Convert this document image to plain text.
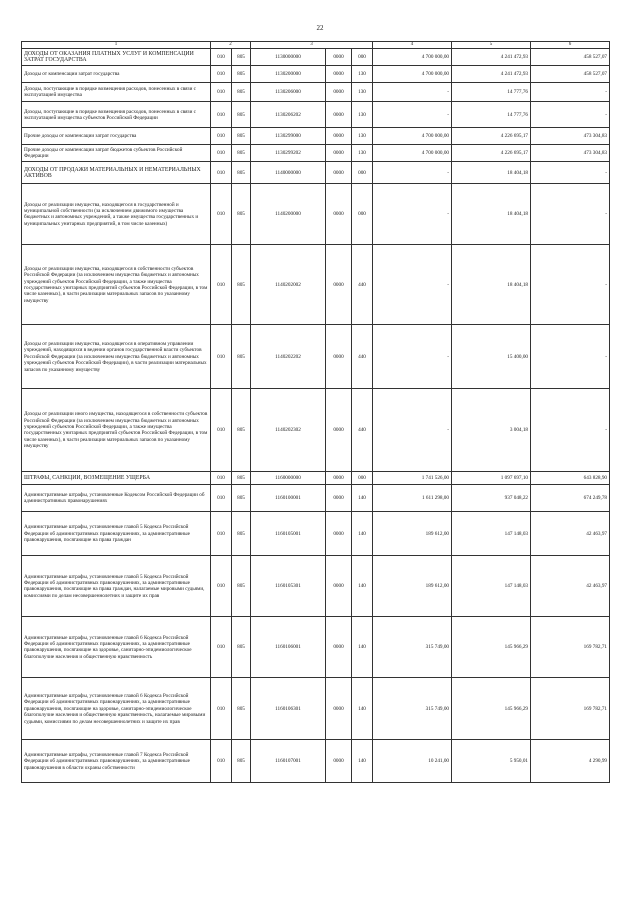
22
1	2		3			4	5	6
ДОХОДЫ ОТ ОКАЗАНИЯ ПЛАТНЫХ УСЛУГ И КОМПЕНСАЦИИ ЗАТРАТ ГОСУДАРСТВА	010	805	1130000000	0000	000	4 700 000,00	4 241 472,93	458 527,07
Доходы от компенсации затрат государства	010	805	1130200000	0000	130	4 700 000,00	4 241 472,93	458 527,07
Доходы, поступающие в порядке возмещения расходов, понесенных в связи с эксплуатацией имущества	010	805	1130206000	0000	130	-	14 777,76	-
Доходы, поступающие в порядке возмещения расходов, понесенных в связи с эксплуатацией имущества субъектов Российской Федерации	010	805	1130206202	0000	130	-	14 777,76	-
Прочие доходы от компенсации затрат государства	010	805	1130299000	0000	130	4 700 000,00	4 226 695,17	473 304,83
Прочие доходы от компенсации затрат бюджетов субъектов Российской Федерации	010	805	1130299202	0000	130	4 700 000,00	4 226 695,17	473 304,83
ДОХОДЫ ОТ ПРОДАЖИ МАТЕРИАЛЬНЫХ И НЕМАТЕРИАЛЬНЫХ АКТИВОВ	010	805	1140000000	0000	000	-	18 404,18	-
Доходы от реализации имущества, находящегося в государственной и муниципальной собственности (за исключением движимого имущества бюджетных и автономных учреждений, а также имущества государственных и муниципальных унитарных предприятий, в том числе казенных)	010	805	1140200000	0000	000	-	18 404,18	-
Доходы от реализации имущества, находящегося в собственности субъектов Российской Федерации (за исключением имущества бюджетных и автономных учреждений субъектов Российской Федерации, а также имущества государственных унитарных предприятий субъектов Российской Федерации, в том числе казенных), в части реализации материальных запасов по указанному имуществу	010	805	1140202002	0000	440	-	18 404,18	-
Доходы от реализации имущества, находящегося в оперативном управлении учреждений, находящихся в ведении органов государственной власти субъектов Российской Федерации (за исключением имущества бюджетных и автономных учреждений субъектов Российской Федерации), в части реализации материальных запасов по указанному имуществу	010	805	1140202202	0000	440	-	15 400,00	-
Доходы от реализации иного имущества, находящегося в собственности субъектов Российской Федерации (за исключением имущества бюджетных и автономных учреждений субъектов Российской Федерации, а также имущества государственных унитарных предприятий субъектов Российской Федерации, в том числе казенных), в части реализации материальных запасов по указанному имуществу	010	805	1140202302	0000	440	-	3 004,18	-
ШТРАФЫ, САНКЦИИ, ВОЗМЕЩЕНИЕ УЩЕРБА	010	805	1160000000	0000	000	1 741 526,00	1 097 697,10	643 828,90
Административные штрафы, установленные Кодексом Российской Федерации об административных правонарушениях	010	805	1160100001	0000	140	1 611 298,00	937 048,22	674 249,78
Административные штрафы, установленные главой 5 Кодекса Российской Федерации об административных правонарушениях, за административные правонарушения, посягающие на права граждан	010	805	1160105001	0000	140	189 612,00	147 148,03	42 463,97
Административные штрафы, установленные главой 5 Кодекса Российской Федерации об административных правонарушениях, за административные правонарушения, посягающие на права граждан, налагаемые мировыми судьями, комиссиями по делам несовершеннолетних и защите их прав	010	805	1160105301	0000	140	189 612,00	147 148,03	42 463,97
Административные штрафы, установленные главой 6 Кодекса Российской Федерации об административных правонарушениях, за административные правонарушения, посягающие на здоровье, санитарно-эпидемиологическое благополучие населения и общественную нравственность	010	805	1160106001	0000	140	315 749,00	145 966,29	169 782,71
Административные штрафы, установленные главой 6 Кодекса Российской Федерации об административных правонарушениях, за административные правонарушения, посягающие на здоровье, санитарно-эпидемиологическое благополучие населения и общественную нравственность, налагаемые мировыми судьями, комиссиями по делам несовершеннолетних и защите их прав	010	805	1160106301	0000	140	315 749,00	145 966,29	169 782,71
Административные штрафы, установленные главой 7 Кодекса Российской Федерации об административных правонарушениях, за административные правонарушения в области охраны собственности	010	805	1160107001	0000	140	10 241,00	5 950,01	4 290,99
